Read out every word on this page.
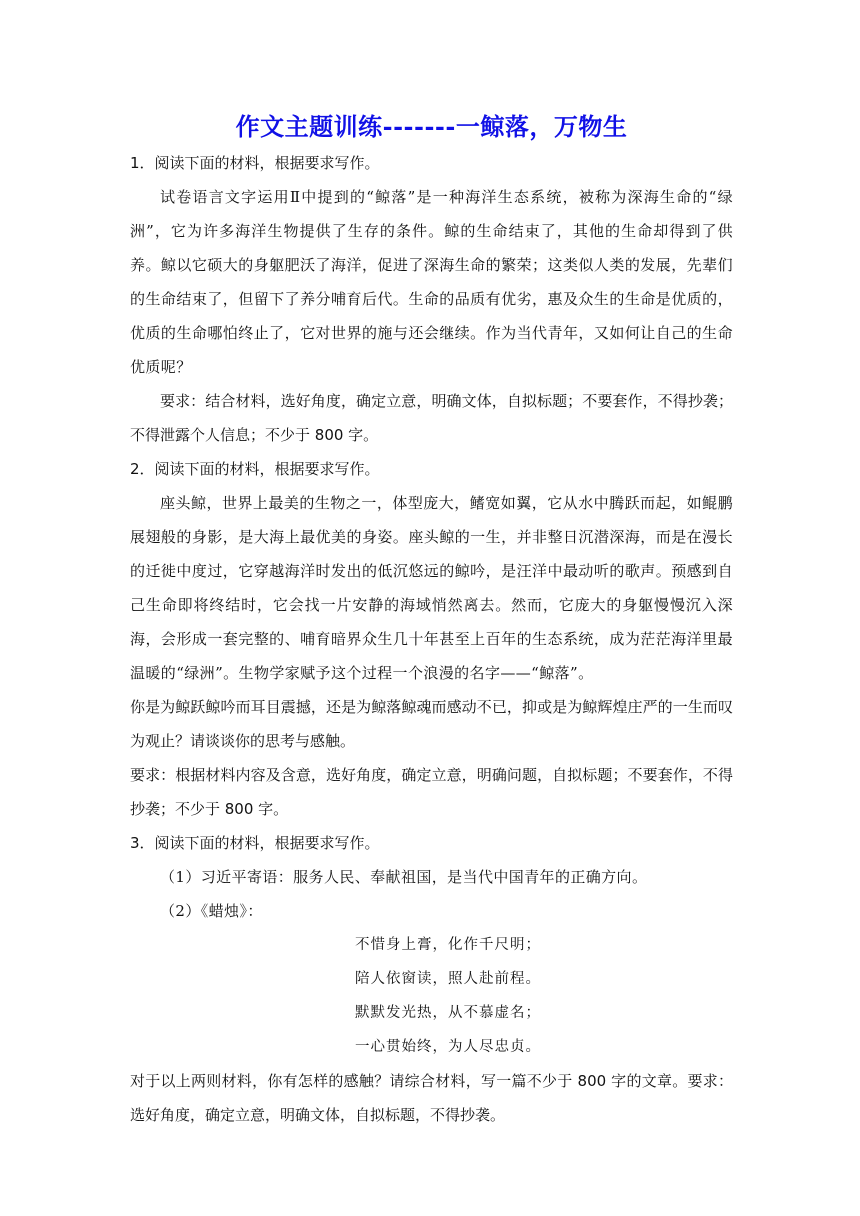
作文主题训练-------一鲸落，万物生

1．阅读下面的材料，根据要求写作。

试卷语言文字运用Ⅱ中提到的“鲸落”是一种海洋生态系统，被称为深海生命的“绿洲”，它为许多海洋生物提供了生存的条件。鲸的生命结束了，其他的生命却得到了供养。鲸以它硕大的身躯肥沃了海洋，促进了深海生命的繁荣；这类似人类的发展，先辈们的生命结束了，但留下了养分哺育后代。生命的品质有优劣，惠及众生的生命是优质的，优质的生命哪怕终止了，它对世界的施与还会继续。作为当代青年，又如何让自己的生命优质呢？

要求：结合材料，选好角度，确定立意，明确文体，自拟标题；不要套作，不得抄袭；不得泄露个人信息；不少于 800 字。

2．阅读下面的材料，根据要求写作。

座头鲸，世界上最美的生物之一，体型庞大，鳍宽如翼，它从水中腾跃而起，如鲲鹏展翅般的身影，是大海上最优美的身姿。座头鲸的一生，并非整日沉潜深海，而是在漫长的迁徙中度过，它穿越海洋时发出的低沉悠远的鲸吟，是汪洋中最动听的歌声。预感到自己生命即将终结时，它会找一片安静的海域悄然离去。然而，它庞大的身躯慢慢沉入深海，会形成一套完整的、哺育暗界众生几十年甚至上百年的生态系统，成为茫茫海洋里最温暖的“绿洲”。生物学家赋予这个过程一个浪漫的名字——“鲸落”。

你是为鲸跃鲸吟而耳目震撼，还是为鲸落鲸魂而感动不已，抑或是为鲸辉煌庄严的一生而叹为观止？请谈谈你的思考与感触。

要求：根据材料内容及含意，选好角度，确定立意，明确问题，自拟标题；不要套作，不得抄袭；不少于 800 字。

3．阅读下面的材料，根据要求写作。

（1）习近平寄语：服务人民、奉献祖国，是当代中国青年的正确方向。

（2）《蜡烛》：

不惜身上膏，化作千尺明；

陪人依窗读，照人赴前程。

默默发光热，从不慕虚名；

一心贯始终，为人尽忠贞。

对于以上两则材料，你有怎样的感触？请综合材料，写一篇不少于 800 字的文章。要求：选好角度，确定立意，明确文体，自拟标题，不得抄袭。
